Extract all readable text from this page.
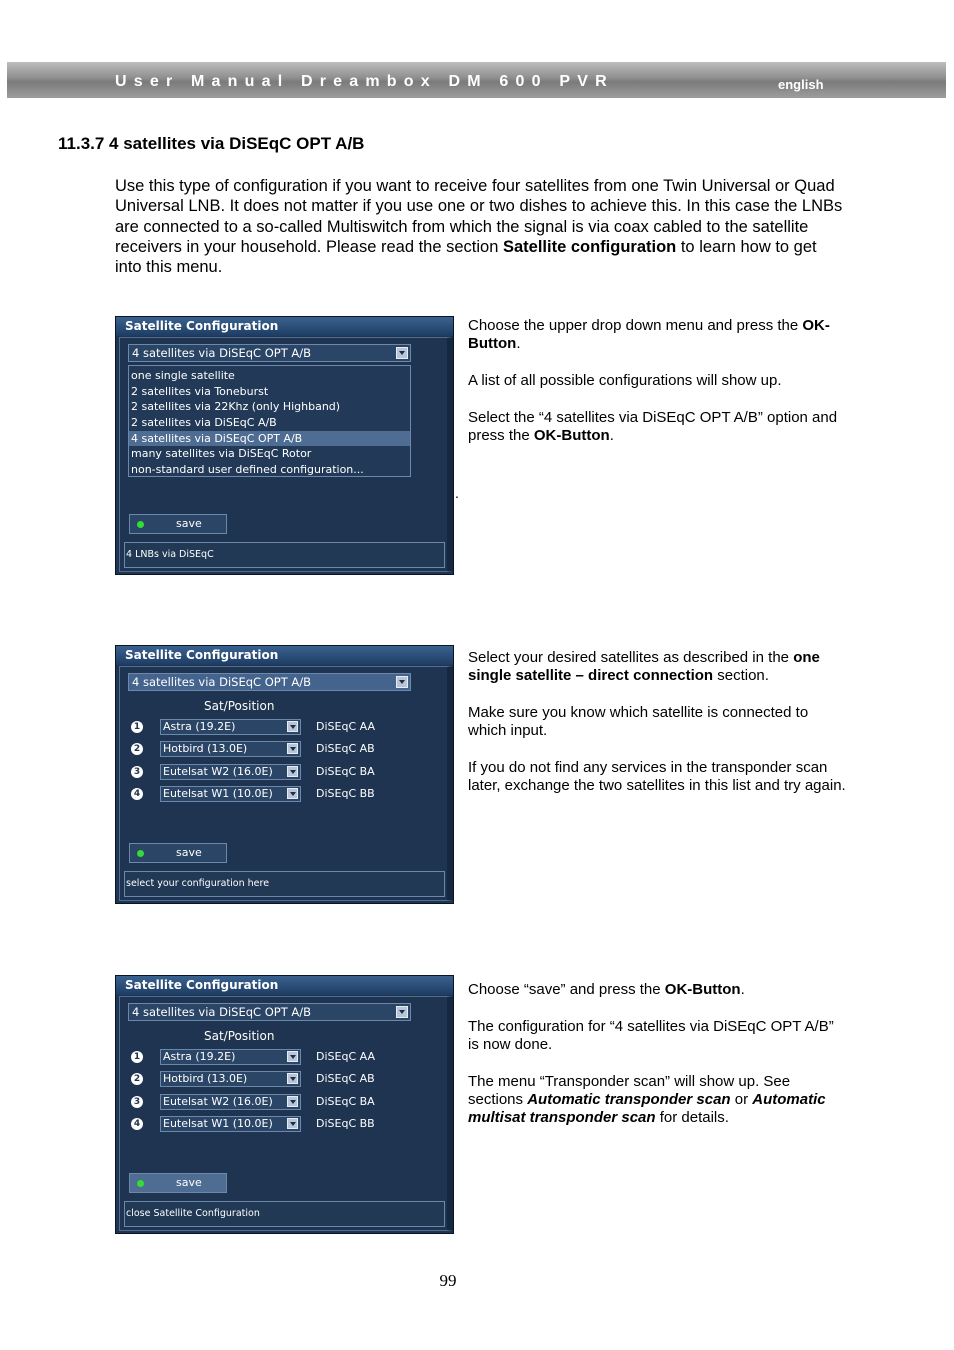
User Manual Dreambox DM 600 PVR	english
11.3.7 4 satellites via DiSEqC OPT A/B

Use this type of configuration if you want to receive four satellites from one Twin Universal or Quad Universal LNB. It does not matter if you use one or two dishes to achieve this. In this case the LNBs are connected to a so-called Multiswitch from which the signal is via coax cabled to the satellite receivers in your household. Please read the section Satellite configuration to learn how to get into this menu.

Satellite Configuration
4 satellites via DiSEqC OPT A/B
one single satellite
2 satellites via Toneburst
2 satellites via 22Khz (only Highband)
2 satellites via DiSEqC A/B
4 satellites via DiSEqC OPT A/B
many satellites via DiSEqC Rotor
non-standard user defined configuration...
save
4 LNBs via DiSEqC

Choose the upper drop down menu and press the OK-Button.

A list of all possible configurations will show up.

Select the “4 satellites via DiSEqC OPT A/B” option and press the OK-Button.

.
Satellite Configuration
4 satellites via DiSEqC OPT A/B
Sat/Position
1 Astra (19.2E)	DiSEqC AA
2 Hotbird (13.0E)	DiSEqC AB
3 Eutelsat W2 (16.0E)	DiSEqC BA
4 Eutelsat W1 (10.0E)	DiSEqC BB
save
select your configuration here

Select your desired satellites as described in the one single satellite – direct connection section.

Make sure you know which satellite is connected to which input.

If you do not find any services in the transponder scan later, exchange the two satellites in this list and try again.

Satellite Configuration
4 satellites via DiSEqC OPT A/B
Sat/Position
1 Astra (19.2E)	DiSEqC AA
2 Hotbird (13.0E)	DiSEqC AB
3 Eutelsat W2 (16.0E)	DiSEqC BA
4 Eutelsat W1 (10.0E)	DiSEqC BB
save
close Satellite Configuration

Choose “save” and press the OK-Button.

The configuration for “4 satellites via DiSEqC OPT A/B” is now done.

The menu “Transponder scan” will show up. See sections Automatic transponder scan or Automatic multisat transponder scan for details.

99
